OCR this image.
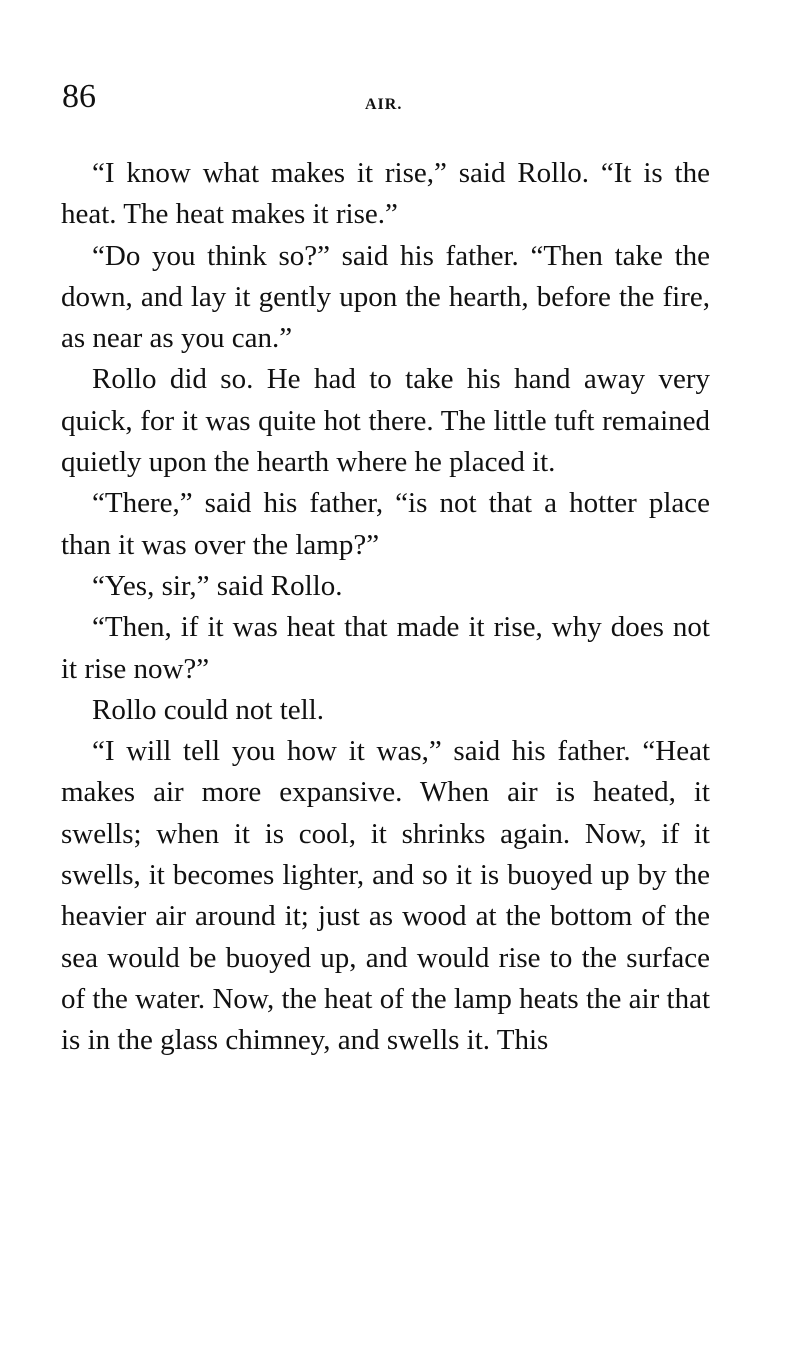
86	AIR.

“I know what makes it rise,” said Rollo. “It is the heat. The heat makes it rise.”

“Do you think so?” said his father. “Then take the down, and lay it gently upon the hearth, before the fire, as near as you can.”

Rollo did so. He had to take his hand away very quick, for it was quite hot there. The little tuft remained quietly upon the hearth where he placed it.

“There,” said his father, “is not that a hotter place than it was over the lamp?”

“Yes, sir,” said Rollo.

“Then, if it was heat that made it rise, why does not it rise now?”

Rollo could not tell.

“I will tell you how it was,” said his father. “Heat makes air more expansive. When air is heated, it swells; when it is cool, it shrinks again. Now, if it swells, it becomes lighter, and so it is buoyed up by the heavier air around it; just as wood at the bottom of the sea would be buoyed up, and would rise to the surface of the water. Now, the heat of the lamp heats the air that is in the glass chimney, and swells it. This
